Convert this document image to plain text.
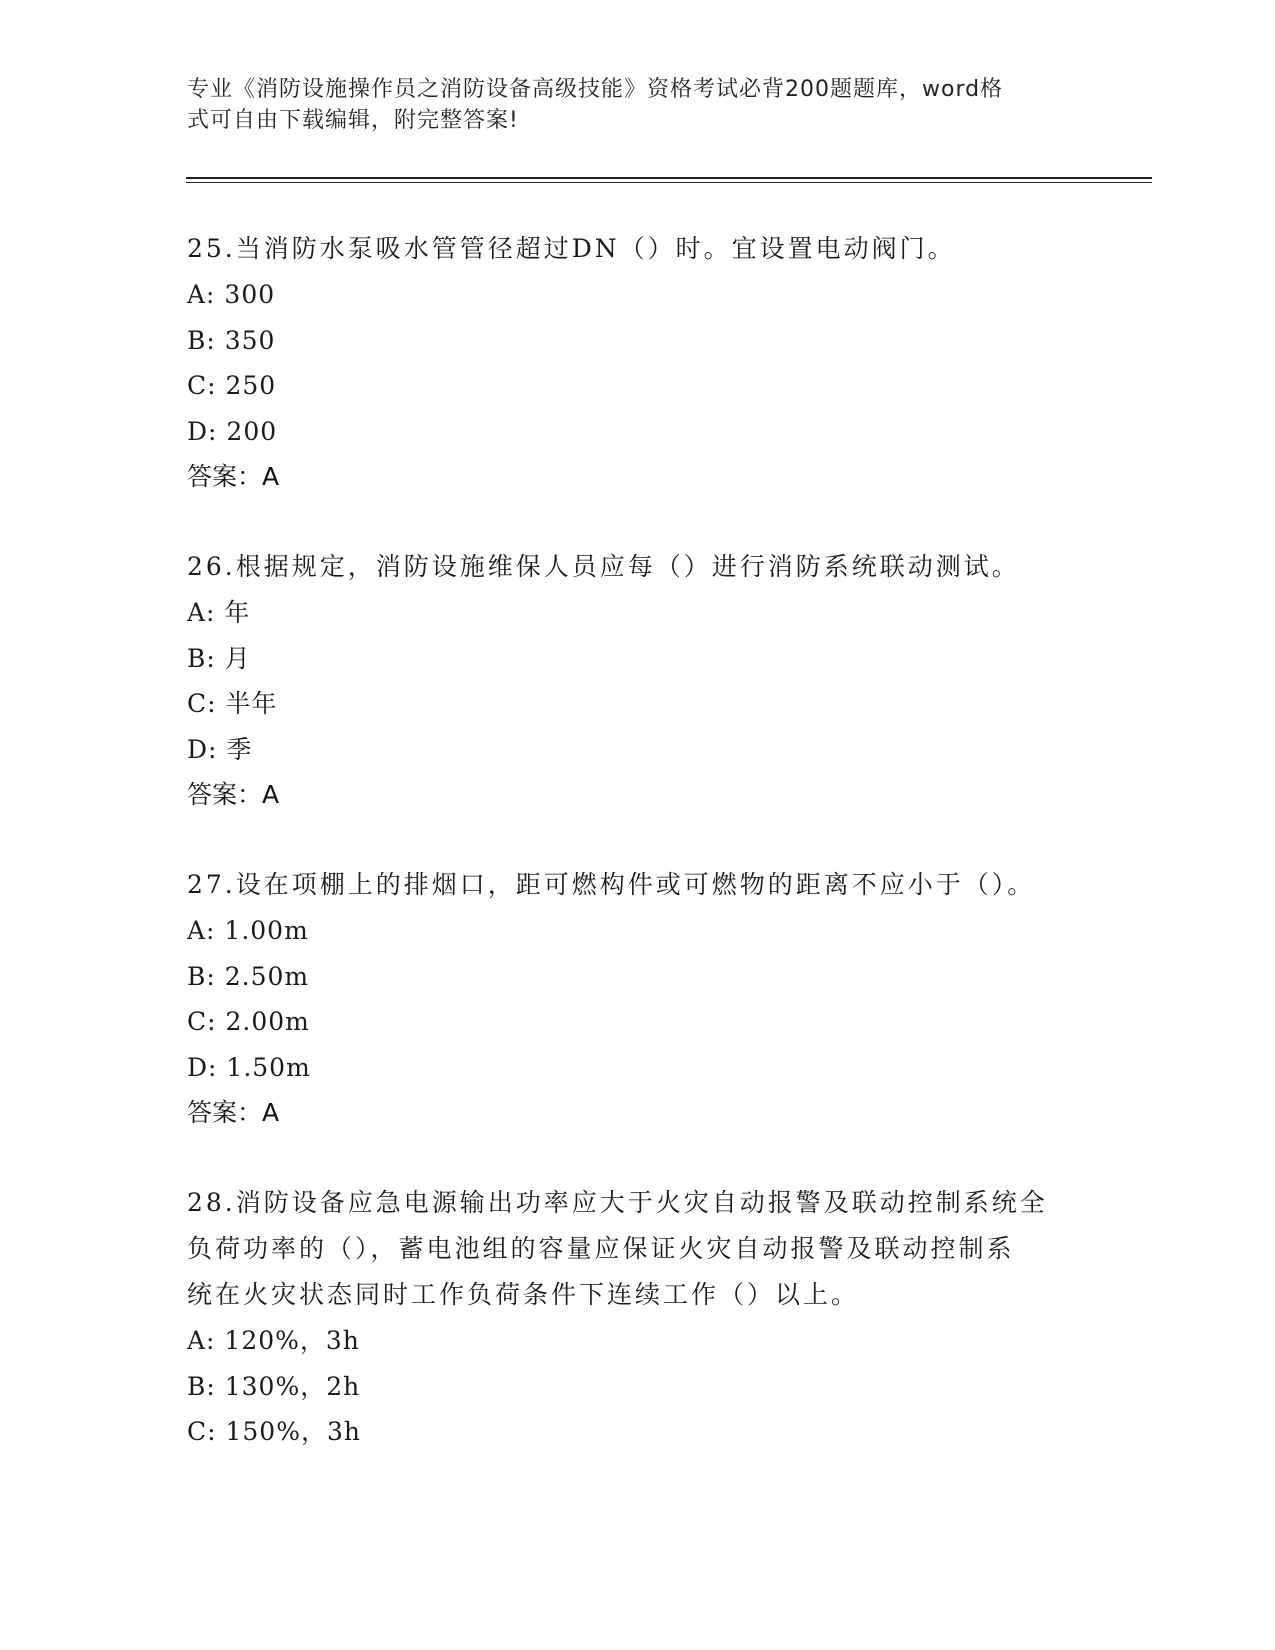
专业《消防设施操作员之消防设备高级技能》资格考试必背200题题库，word格
式可自由下载编辑，附完整答案!

25.当消防水泵吸水管管径超过DN（）时。宜设置电动阀门。

A: 300

B: 350

C: 250

D: 200

答案：A

26.根据规定，消防设施维保人员应每（）进行消防系统联动测试。

A: 年

B: 月

C: 半年

D: 季

答案：A

27.设在项棚上的排烟口，距可燃构件或可燃物的距离不应小于（）。

A: 1.00m

B: 2.50m

C: 2.00m

D: 1.50m

答案：A

28.消防设备应急电源输出功率应大于火灾自动报警及联动控制系统全

负荷功率的（），蓄电池组的容量应保证火灾自动报警及联动控制系

统在火灾状态同时工作负荷条件下连续工作（）以上。

A: 120%，3h

B: 130%，2h

C: 150%，3h
